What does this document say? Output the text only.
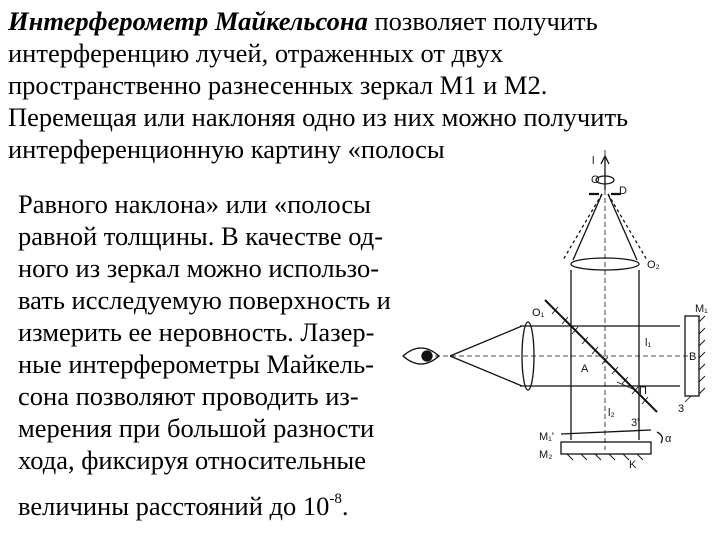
Интерферометр Майкельсона позволяет получить
интерференцию лучей, отраженных от двух
пространственно разнесенных зеркал М1 и М2.
Перемещая или наклоняя одно из них можно получить
интерференционную картину «полосы
Равного наклона» или «полосы
равной толщины. В качестве од-
ного из зеркал можно использо-
вать исследуемую поверхность и
измерить ее неровность. Лазер-
ные интерферометры Майкель-
сона позволяют проводить из-
мерения при большой разности
хода, фиксируя относительные
величины расстояний до $10^{-8}$.
l
O
D
O₂
O₁	M₁
l₁
B
A
П
3
l₂
3'
α
M₁'
M₂
K
